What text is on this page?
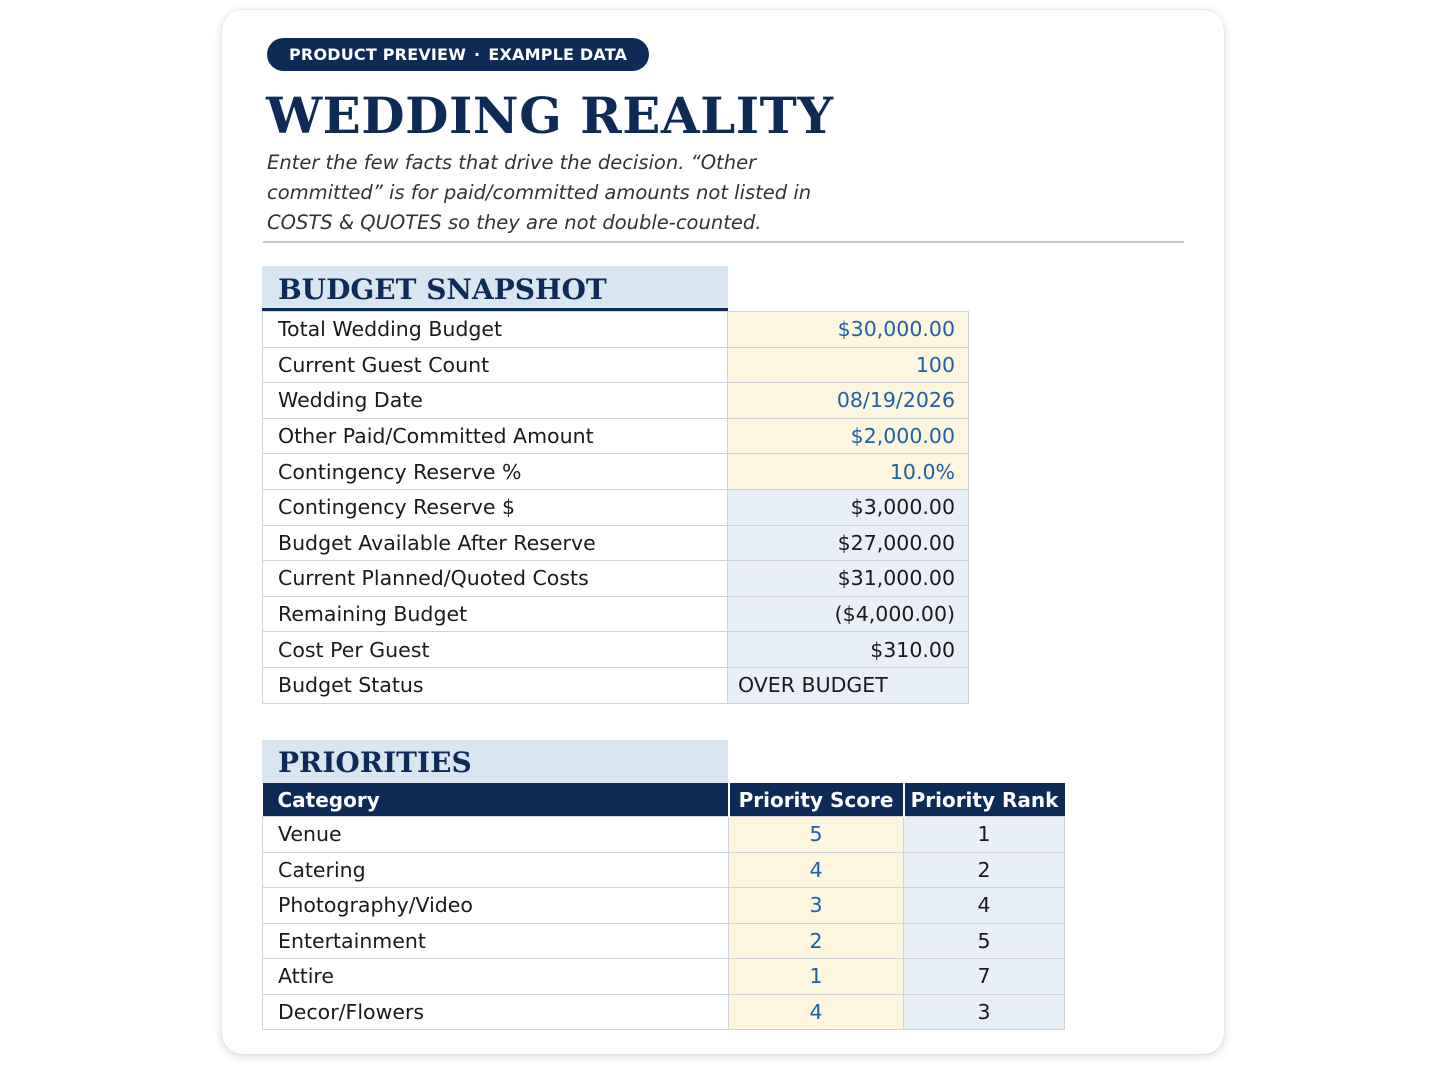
PRODUCT PREVIEW · EXAMPLE DATA
WEDDING REALITY

Enter the few facts that drive the decision. “Other committed” is for paid/committed amounts not listed in COSTS & QUOTES so they are not double-counted.

BUDGET SNAPSHOT
Total Wedding Budget	$30,000.00
Current Guest Count	100
Wedding Date	08/19/2026
Other Paid/Committed Amount	$2,000.00
Contingency Reserve %	10.0%
Contingency Reserve $	$3,000.00
Budget Available After Reserve	$27,000.00
Current Planned/Quoted Costs	$31,000.00
Remaining Budget	($4,000.00)
Cost Per Guest	$310.00
Budget Status	OVER BUDGET
PRIORITIES
Category	Priority Score	Priority Rank
Venue	5	1
Catering	4	2
Photography/Video	3	4
Entertainment	2	5
Attire	1	7
Decor/Flowers	4	3
